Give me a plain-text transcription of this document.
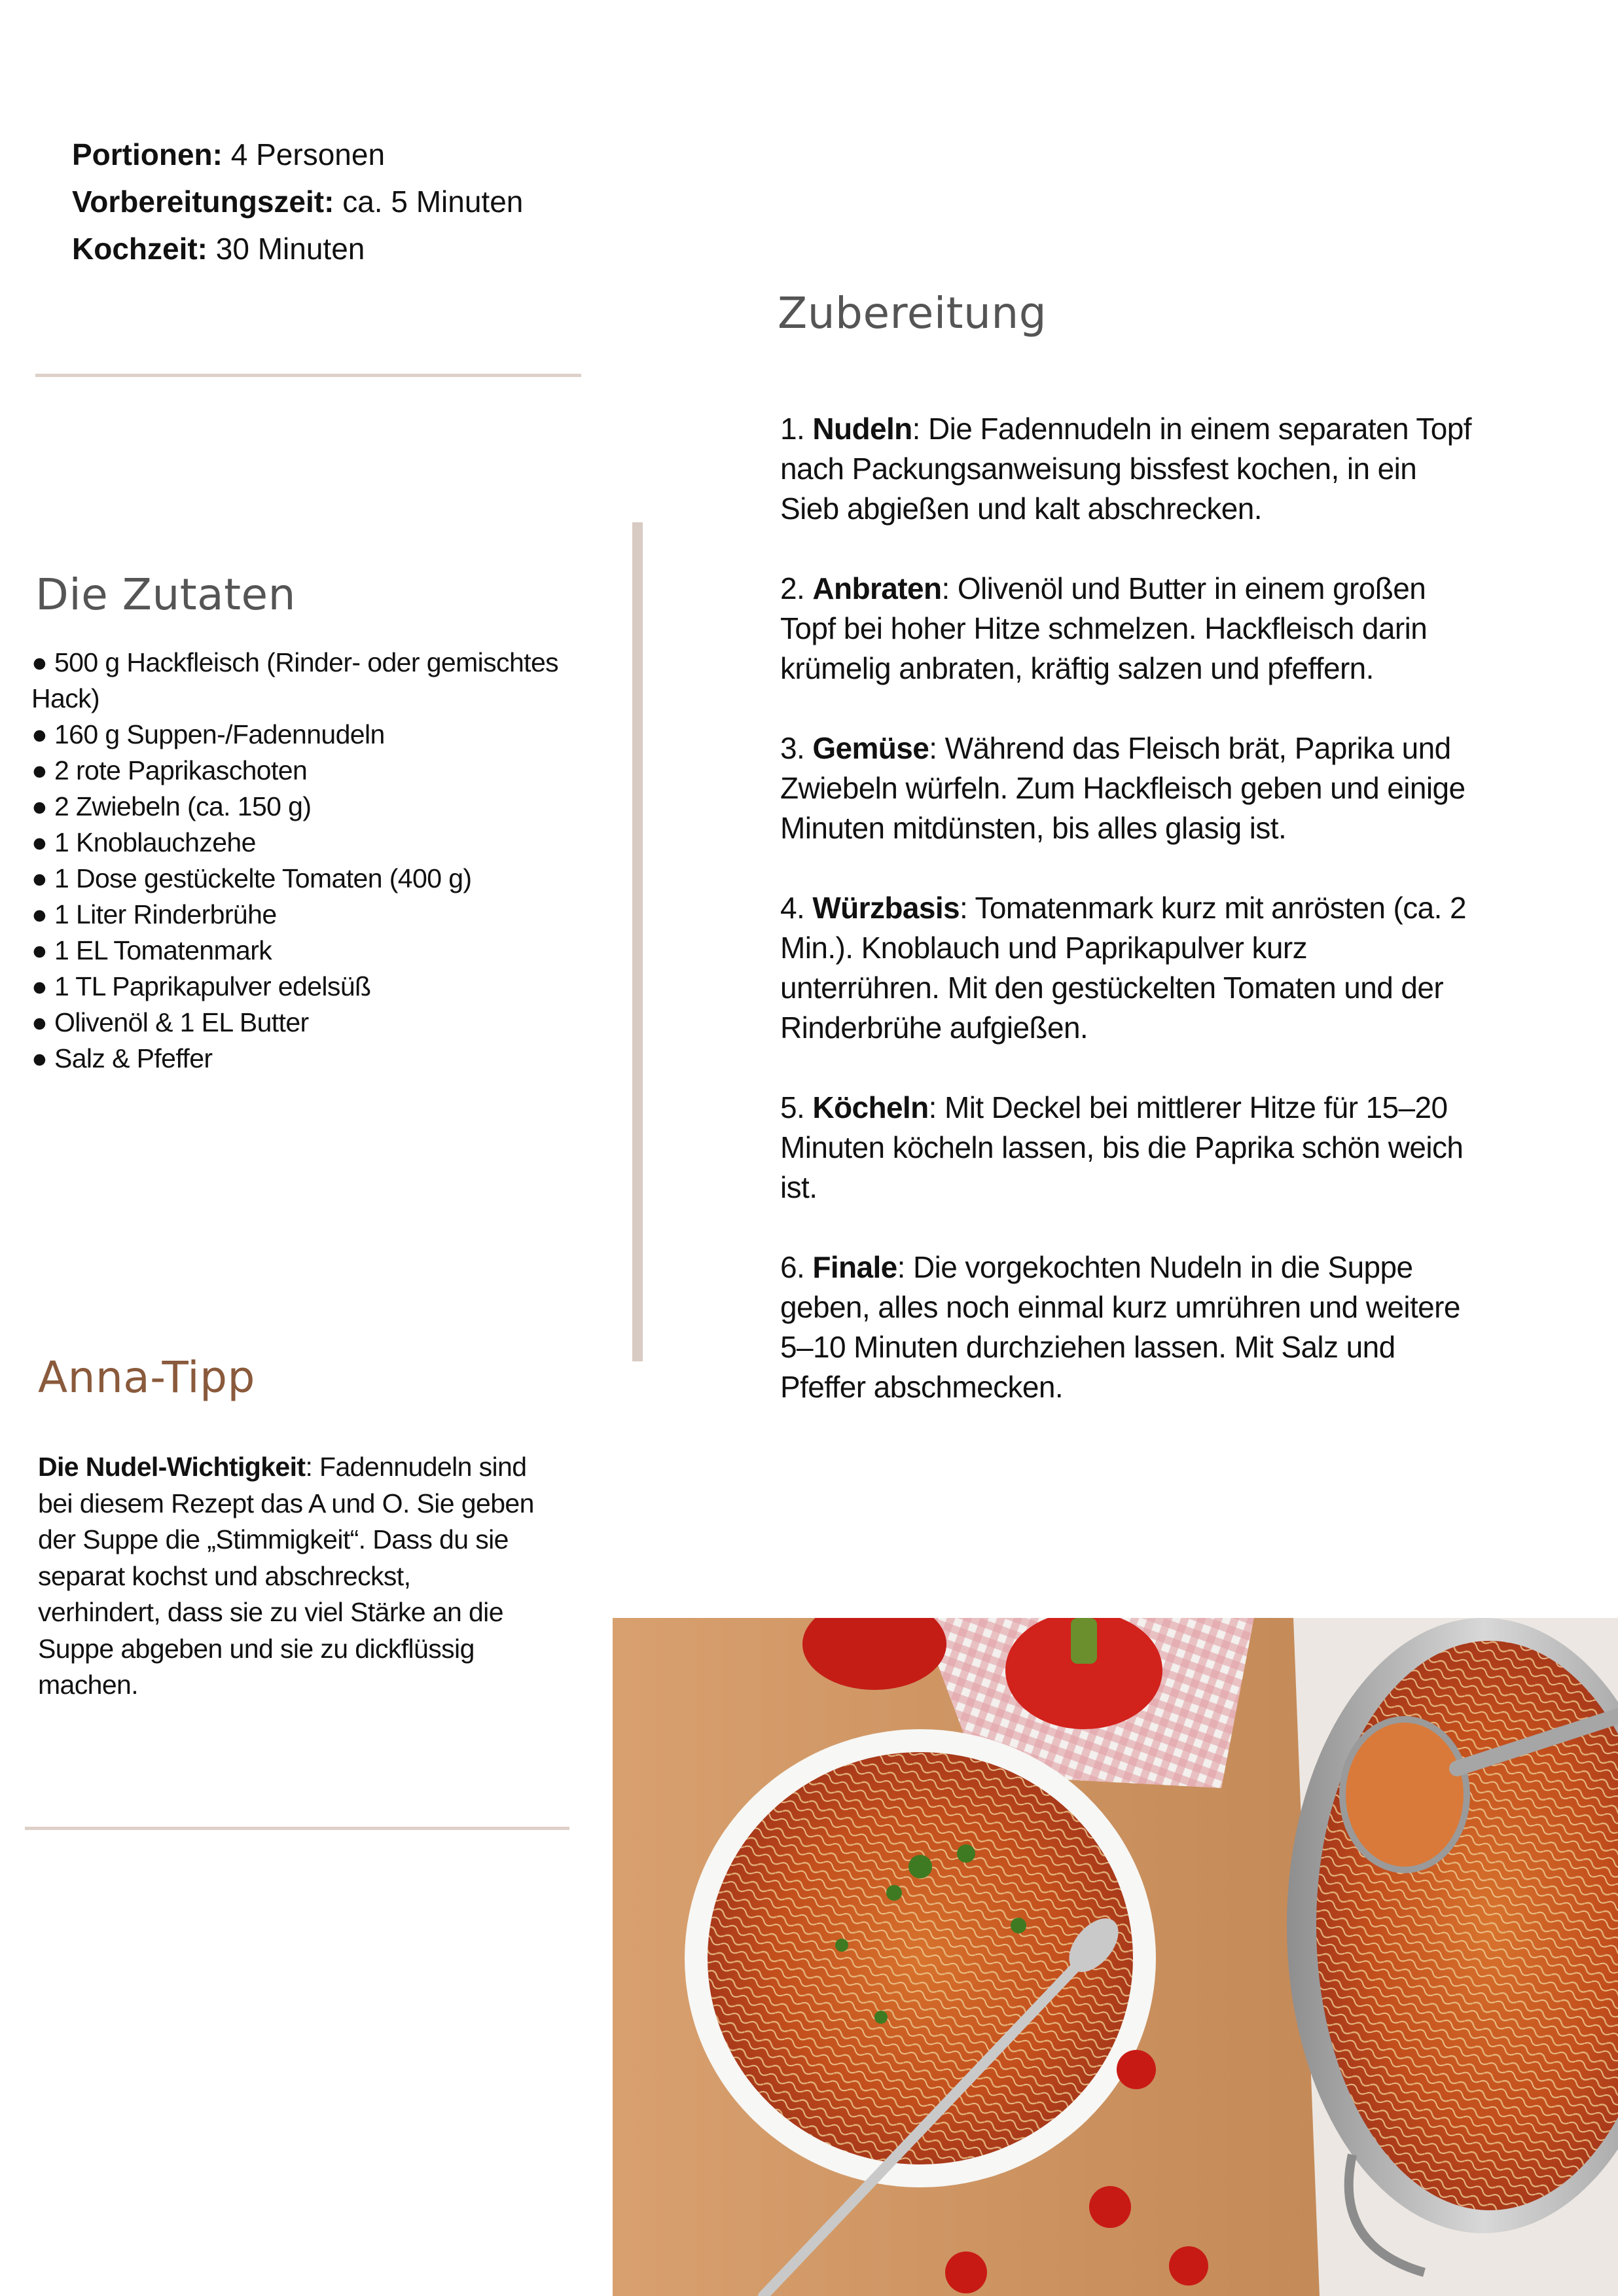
Portionen: 4 Personen
Vorbereitungszeit: ca. 5 Minuten
Kochzeit: 30 Minuten
Zubereitung
1. Nudeln: Die Fadennudeln in einem separaten Topf nach Packungsanweisung bissfest kochen, in ein Sieb abgießen und kalt abschrecken.
2. Anbraten: Olivenöl und Butter in einem großen Topf bei hoher Hitze schmelzen. Hackfleisch darin krümelig anbraten, kräftig salzen und pfeffern.
3. Gemüse: Während das Fleisch brät, Paprika und Zwiebeln würfeln. Zum Hackfleisch geben und einige Minuten mitdünsten, bis alles glasig ist.
4. Würzbasis: Tomatenmark kurz mit anrösten (ca. 2 Min.). Knoblauch und Paprikapulver kurz unterrühren. Mit den gestückelten Tomaten und der Rinderbrühe aufgießen.
5. Köcheln: Mit Deckel bei mittlerer Hitze für 15–20 Minuten köcheln lassen, bis die Paprika schön weich ist.
6. Finale: Die vorgekochten Nudeln in die Suppe geben, alles noch einmal kurz umrühren und weitere 5–10 Minuten durchziehen lassen. Mit Salz und Pfeffer abschmecken.
Die Zutaten
● 500 g Hackfleisch (Rinder- oder gemischtes Hack)
● 160 g Suppen-/Fadennudeln
● 2 rote Paprikaschoten
● 2 Zwiebeln (ca. 150 g)
● 1 Knoblauchzehe
● 1 Dose gestückelte Tomaten (400 g)
● 1 Liter Rinderbrühe
● 1 EL Tomatenmark
● 1 TL Paprikapulver edelsüß
● Olivenöl & 1 EL Butter
● Salz & Pfeffer
Anna-Tipp
Die Nudel-Wichtigkeit: Fadennudeln sind bei diesem Rezept das A und O. Sie geben der Suppe die „Stimmigkeit“. Dass du sie separat kochst und abschreckst, verhindert, dass sie zu viel Stärke an die Suppe abgeben und sie zu dickflüssig machen.
